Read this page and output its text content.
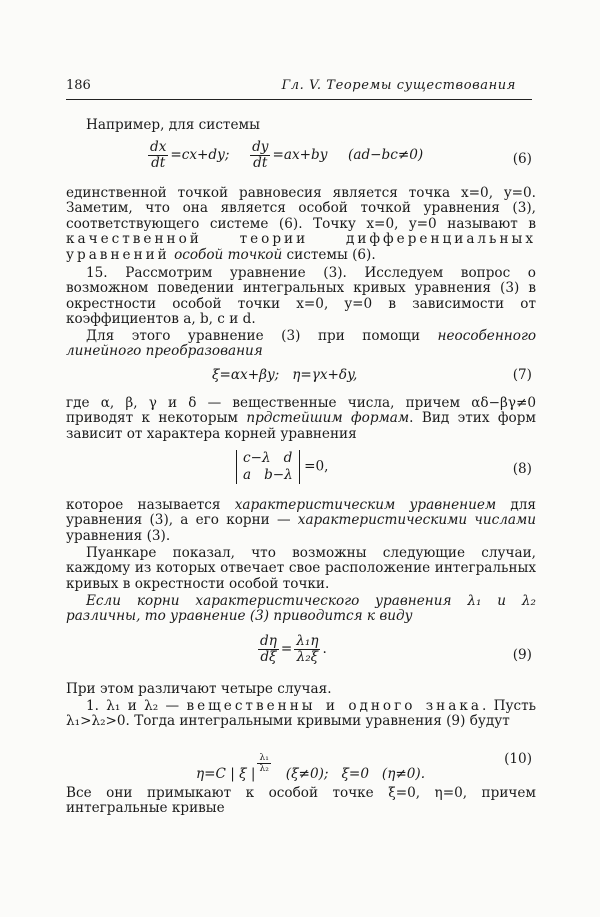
186	Гл. V. Теоремы существования
Например, для системы
$\frac{dx}{dt} =cx+dy$; $\frac{dy}{dt} =ax+by$ (ad−bc≠0)	(6)
единственной точкой равновесия является точка x=0, y=0. Заметим, что она является особой точкой уравнения (3), соответствующего системе (6). Точку x=0, y=0 называют в качественной теории дифференциальных уравнений особой точкой системы (6).
15. Рассмотрим уравнение (3). Исследуем вопрос о возможном поведении интегральных кривых уравнения (3) в окрестности особой точки x=0, y=0 в зависимости от коэффициентов a, b, c и d.
Для этого уравнение (3) при помощи неособенного линейного преобразования
ξ=αx+βy;   η=γx+δy,	(7)
где α, β, γ и δ — вещественные числа, причем αδ−βγ≠0 приводят к некоторым прдстейшим формам. Вид этих форм зависит от характера корней уравнения
c−λ   d
a   b−λ
=0,	(8)
которое называется характеристическим уравнением для уравнения (3), а его корни — характеристическими числами уравнения (3).
Пуанкаре показал, что возможны следующие случаи, каждому из которых отвечает свое расположение интегральных кривых в окрестности особой точки.
Если корни характеристического уравнения λ₁ и λ₂ различны, то уравнение (3) приводится к виду
$\frac{d\eta}{d\xi} = \frac{\text{λ₁η}}{\text{λ₂ξ}}$ .	(9)
При этом различают четыре случая.
1. λ₁ и λ₂ — вещественны и одного знака. Пусть λ₁>λ₂>0. Тогда интегральными кривыми уравнения (9) будут

η=C | ξ | $\frac{\text{λ₁}}{\text{λ₂}} (\xi\ne 0)$;   ξ=0   (η≠0).

(10)
Все они примыкают к особой точке ξ=0, η=0, причем интегральные кривые
